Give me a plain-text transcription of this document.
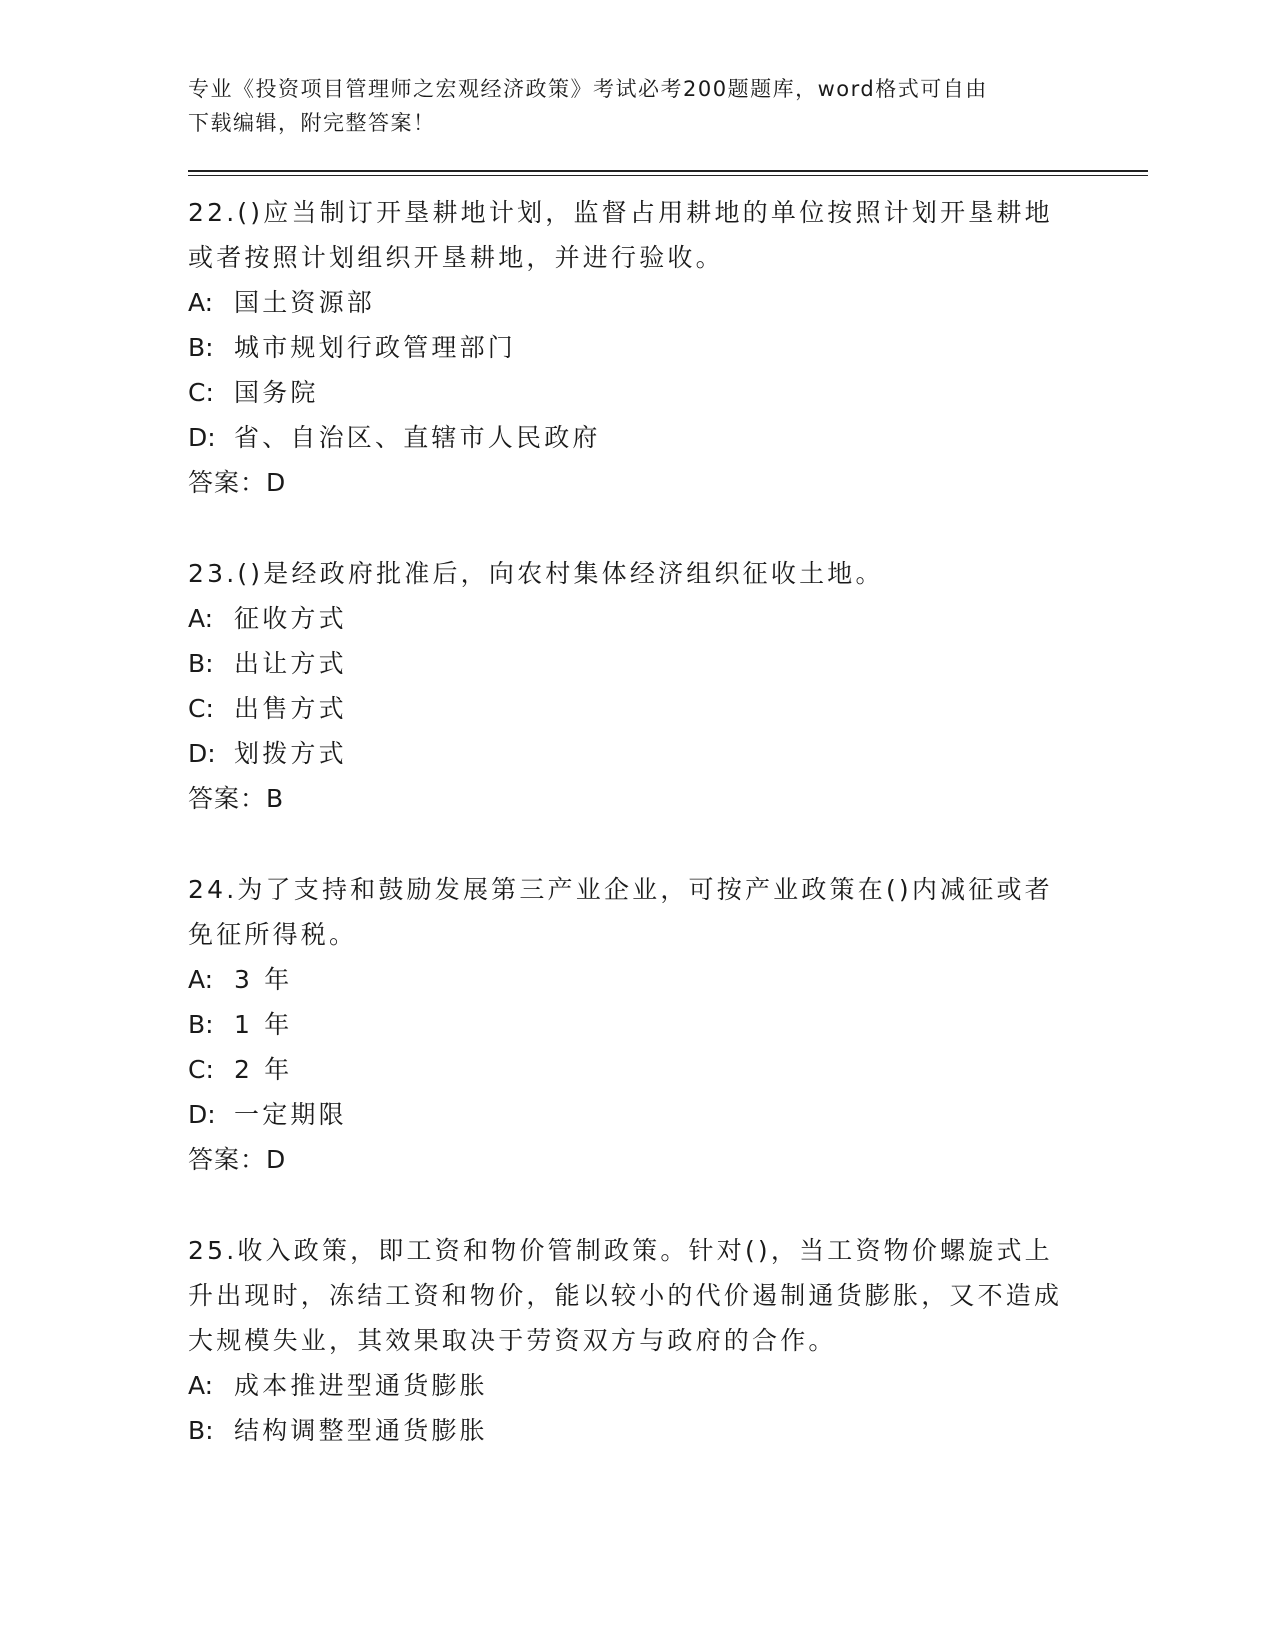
专业《投资项目管理师之宏观经济政策》考试必考200题题库，word格式可自由
下载编辑，附完整答案！

22.()应当制订开垦耕地计划，监督占用耕地的单位按照计划开垦耕地或者按照计划组织开垦耕地，并进行验收。

A: 国土资源部

B: 城市规划行政管理部门

C: 国务院

D: 省、自治区、直辖市人民政府

答案：D

23.()是经政府批准后，向农村集体经济组织征收土地。

A: 征收方式

B: 出让方式

C: 出售方式

D: 划拨方式

答案：B

24.为了支持和鼓励发展第三产业企业，可按产业政策在()内减征或者免征所得税。

A: 3 年

B: 1 年

C: 2 年

D: 一定期限

答案：D

25.收入政策，即工资和物价管制政策。针对()，当工资物价螺旋式上升出现时，冻结工资和物价，能以较小的代价遏制通货膨胀，又不造成大规模失业，其效果取决于劳资双方与政府的合作。

A: 成本推进型通货膨胀

B: 结构调整型通货膨胀
